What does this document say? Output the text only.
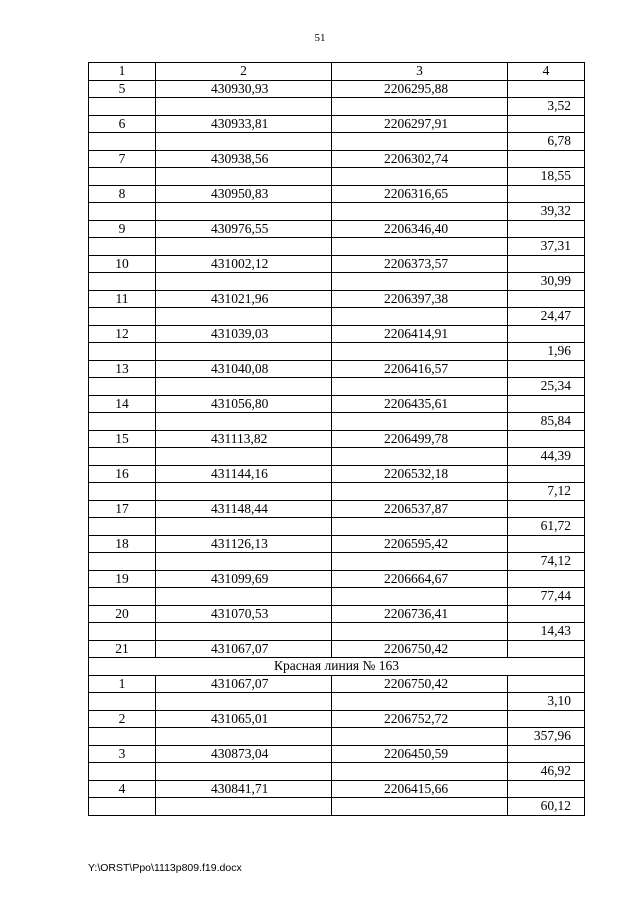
51
1	2	3	4
5	430930,93	2206295,88	
			3,52
6	430933,81	2206297,91	
			6,78
7	430938,56	2206302,74	
			18,55
8	430950,83	2206316,65	
			39,32
9	430976,55	2206346,40	
			37,31
10	431002,12	2206373,57	
			30,99
11	431021,96	2206397,38	
			24,47
12	431039,03	2206414,91	
			1,96
13	431040,08	2206416,57	
			25,34
14	431056,80	2206435,61	
			85,84
15	431113,82	2206499,78	
			44,39
16	431144,16	2206532,18	
			7,12
17	431148,44	2206537,87	
			61,72
18	431126,13	2206595,42	
			74,12
19	431099,69	2206664,67	
			77,44
20	431070,53	2206736,41	
			14,43
21	431067,07	2206750,42	
Красная линия № 163			
1	431067,07	2206750,42	
			3,10
2	431065,01	2206752,72	
			357,96
3	430873,04	2206450,59	
			46,92
4	430841,71	2206415,66	
			60,12
Y:\ORST\Ppo\1113p809.f19.docx
